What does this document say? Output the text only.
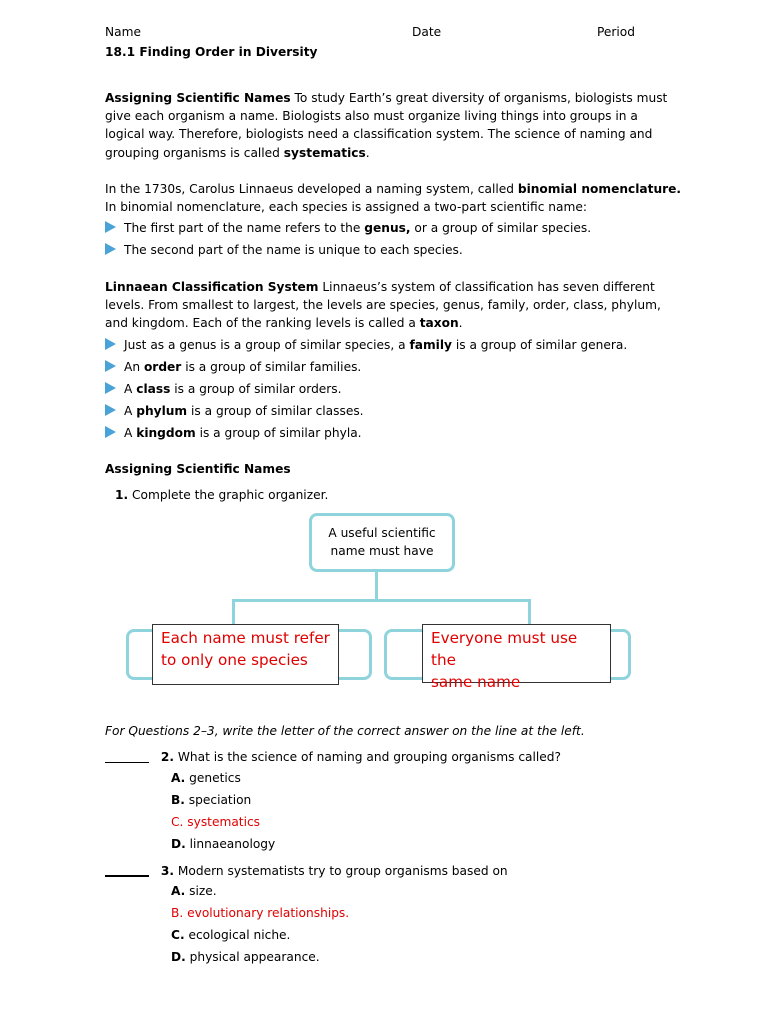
Name	Date	Period
18.1 Finding Order in Diversity
Assigning Scientific Names To study Earth’s great diversity of organisms, biologists must
give each organism a name. Biologists also must organize living things into groups in a
logical way. Therefore, biologists need a classification system. The science of naming and
grouping organisms is called systematics.
In the 1730s, Carolus Linnaeus developed a naming system, called binomial nomenclature.
In binomial nomenclature, each species is assigned a two-part scientific name:
The first part of the name refers to the genus, or a group of similar species.
The second part of the name is unique to each species.
Linnaean Classification System Linnaeus’s system of classification has seven different
levels. From smallest to largest, the levels are species, genus, family, order, class, phylum,
and kingdom. Each of the ranking levels is called a taxon.
Just as a genus is a group of similar species, a family is a group of similar genera.
An order is a group of similar families.
A class is a group of similar orders.
A phylum is a group of similar classes.
A kingdom is a group of similar phyla.
Assigning Scientific Names
1. Complete the graphic organizer.
A useful scientific
name must have
Each name must refer
to only one species
Everyone must use the
same name
For Questions 2–3, write the letter of the correct answer on the line at the left.
2. What is the science of naming and grouping organisms called?
A. genetics
B. speciation
C. systematics
D. linnaeanology
3. Modern systematists try to group organisms based on
A. size.
B. evolutionary relationships.
C. ecological niche.
D. physical appearance.
